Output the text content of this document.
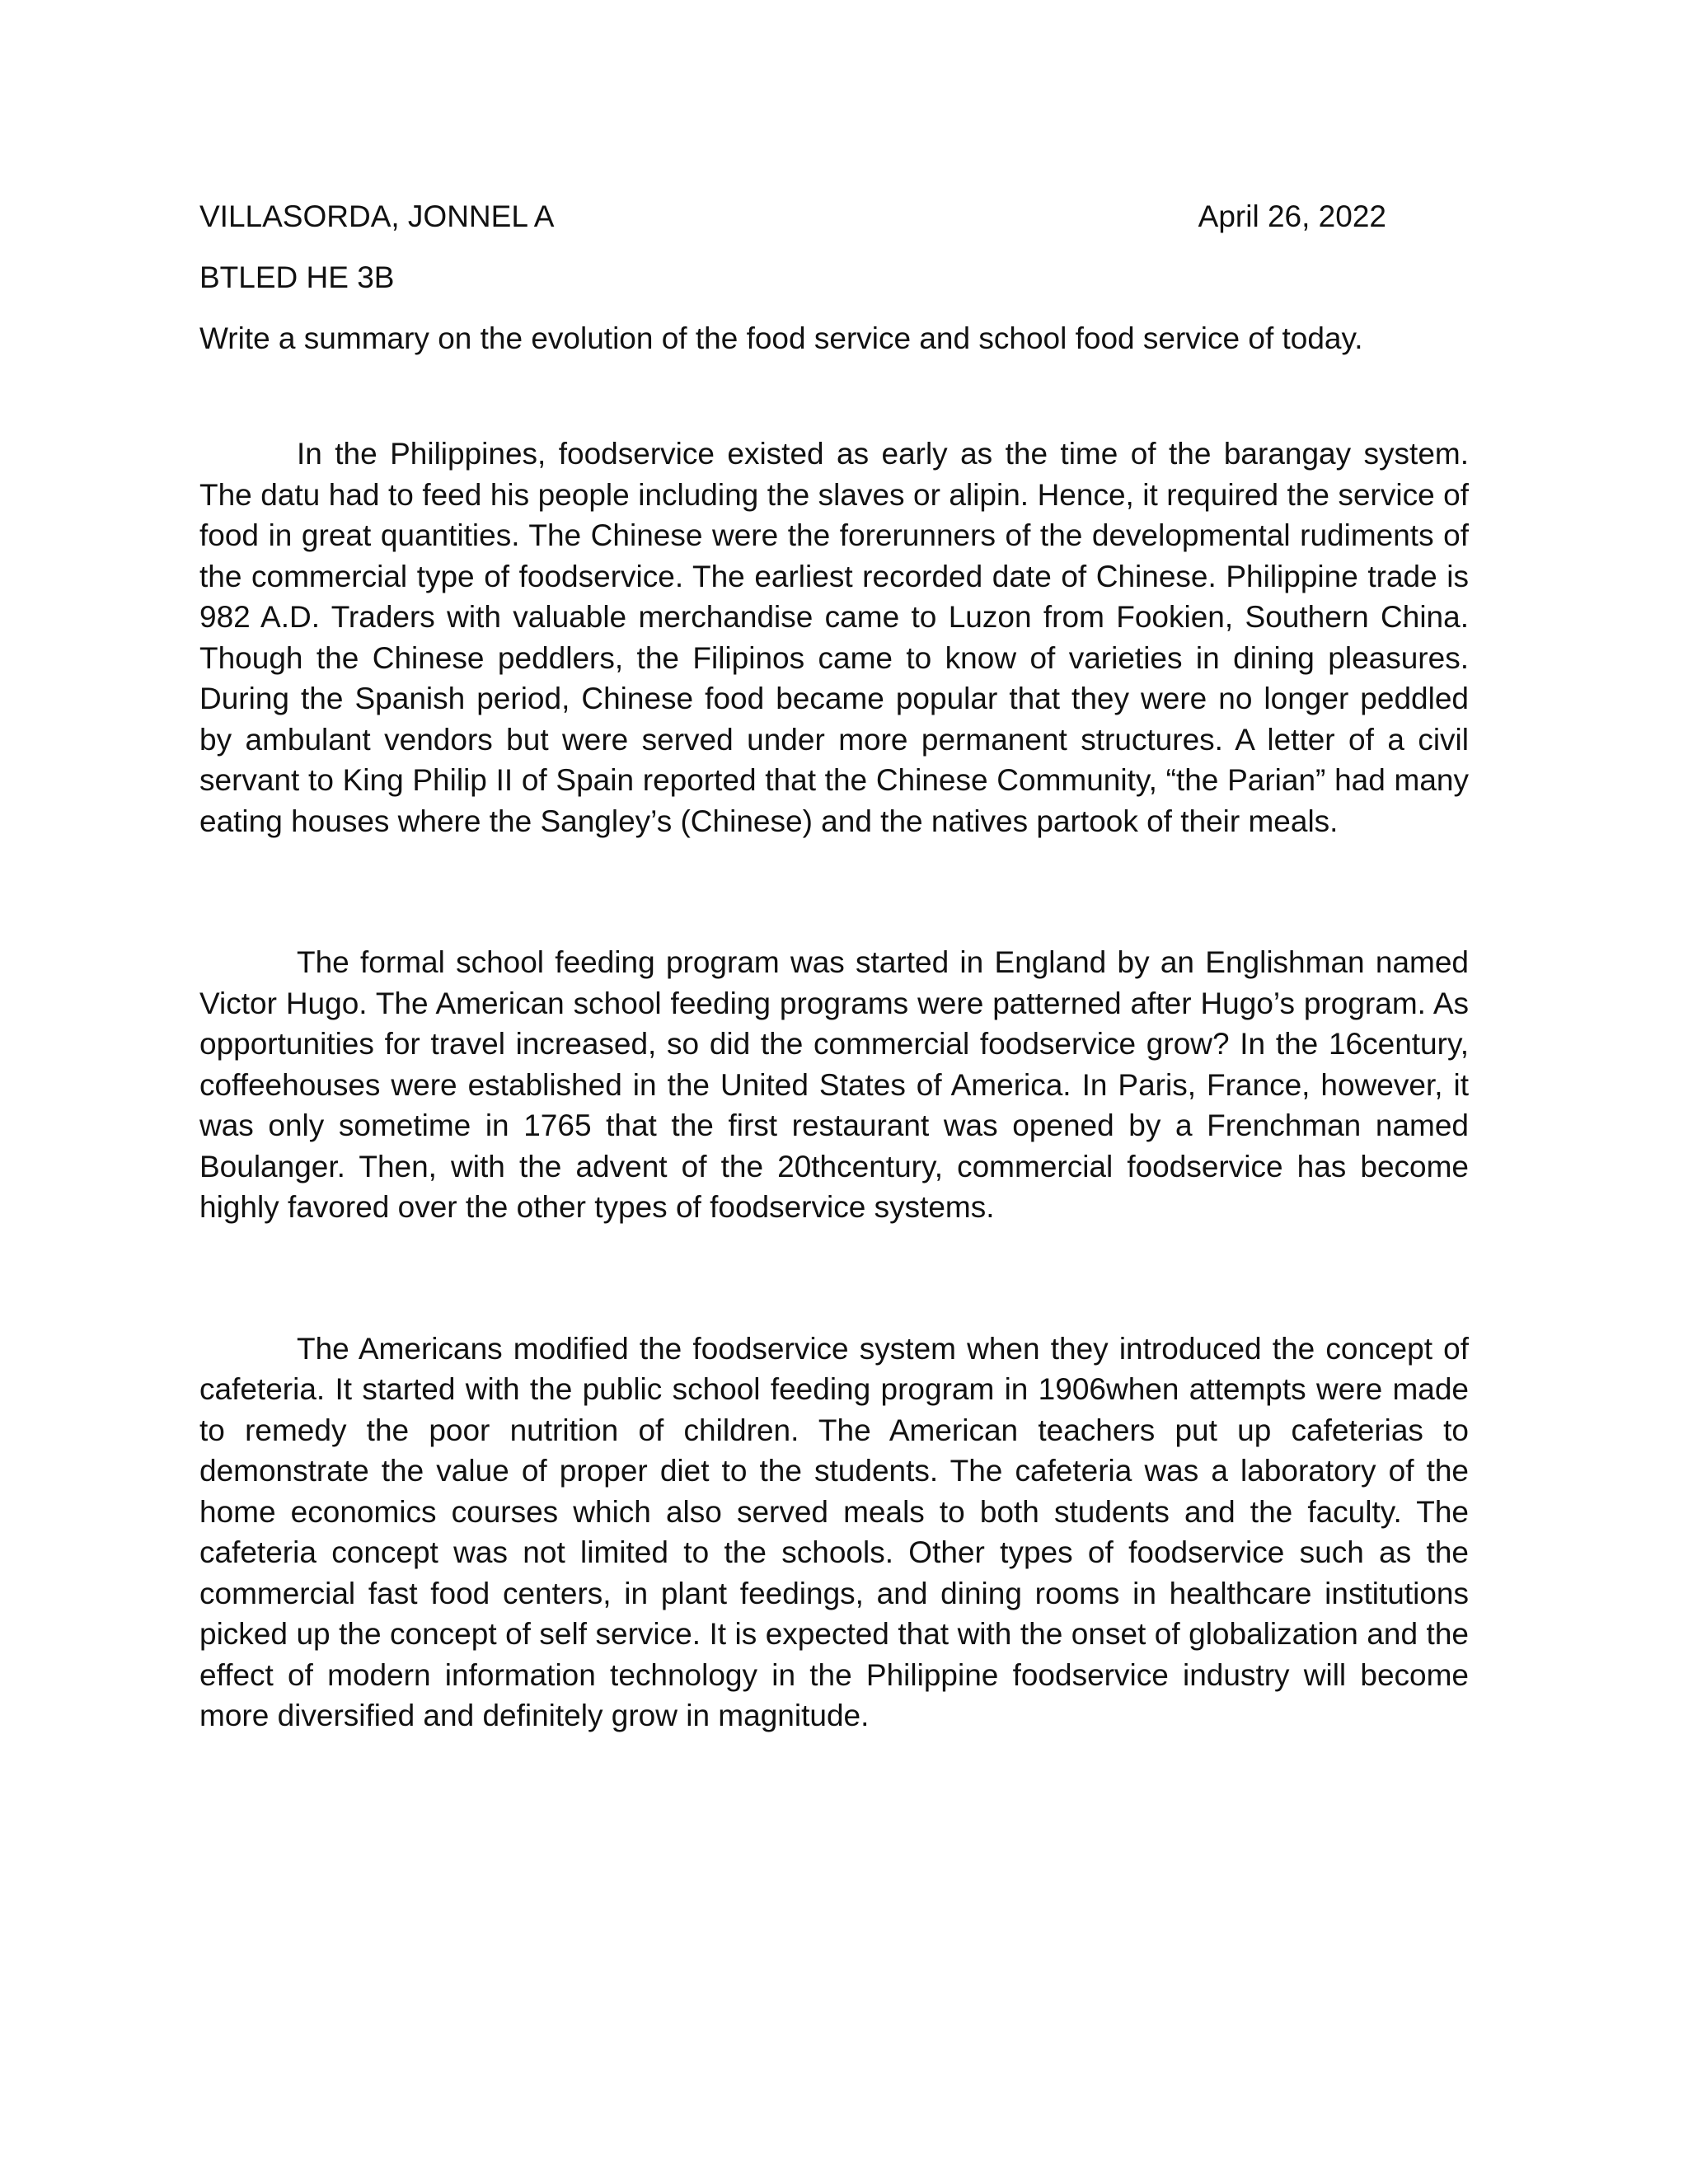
VILLASORDA, JONNEL A	April 26, 2022
BTLED HE 3B
Write a summary on the evolution of the food service and school food service of today.

In the Philippines, foodservice existed as early as the time of the barangay system. The datu had to feed his people including the slaves or alipin. Hence, it required the service of food in great quantities. The Chinese were the forerunners of the developmental rudiments of the commercial type of foodservice. The earliest recorded date of Chinese. Philippine trade is 982 A.D. Traders with valuable merchandise came to Luzon from Fookien, Southern China. Though the Chinese peddlers, the Filipinos came to know of varieties in dining pleasures. During the Spanish period, Chinese food became popular that they were no longer peddled by ambulant vendors but were served under more permanent structures. A letter of a civil servant to King Philip II of Spain reported that the Chinese Community, “the Parian” had many eating houses where the Sangley’s (Chinese) and the natives partook of their meals.

The formal school feeding program was started in England by an Englishman named Victor Hugo. The American school feeding programs were patterned after Hugo’s program. As opportunities for travel increased, so did the commercial foodservice grow? In the 16century, coffeehouses were established in the United States of America. In Paris, France, however, it was only sometime in 1765 that the first restaurant was opened by a Frenchman named Boulanger. Then, with the advent of the 20thcentury, commercial foodservice has become highly favored over the other types of foodservice systems.

The Americans modified the foodservice system when they introduced the concept of cafeteria. It started with the public school feeding program in 1906when attempts were made to remedy the poor nutrition of children. The American teachers put up cafeterias to demonstrate the value of proper diet to the students. The cafeteria was a laboratory of the home economics courses which also served meals to both students and the faculty. The cafeteria concept was not limited to the schools. Other types of foodservice such as the commercial fast food centers, in plant feedings, and dining rooms in healthcare institutions picked up the concept of self service. It is expected that with the onset of globalization and the effect of modern information technology in the Philippine foodservice industry will become more diversified and definitely grow in magnitude.
